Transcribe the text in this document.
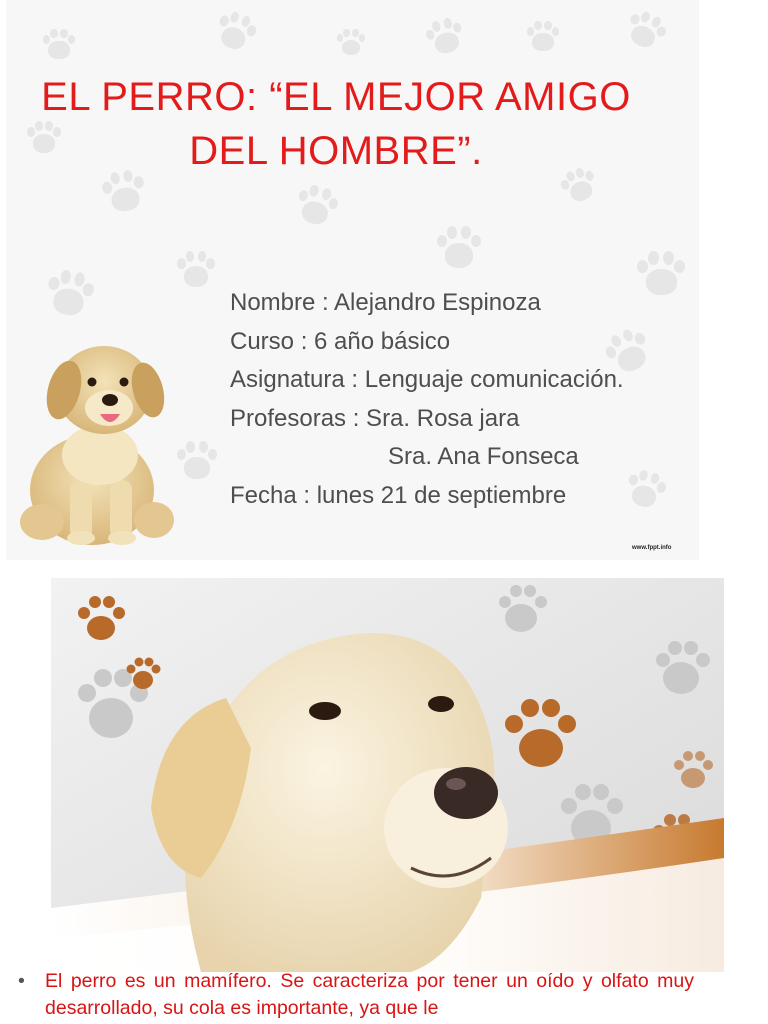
EL PERRO: “EL MEJOR AMIGO
DEL HOMBRE”.
Nombre : Alejandro Espinoza
Curso : 6 año básico
Asignatura : Lenguaje comunicación.
Profesoras : Sra. Rosa jara
Sra. Ana Fonseca
Fecha : lunes 21 de septiembre
www.fppt.info
•	El perro es un mamífero. Se caracteriza por tener un oído y olfato muy desarrollado, su cola es importante, ya que le
